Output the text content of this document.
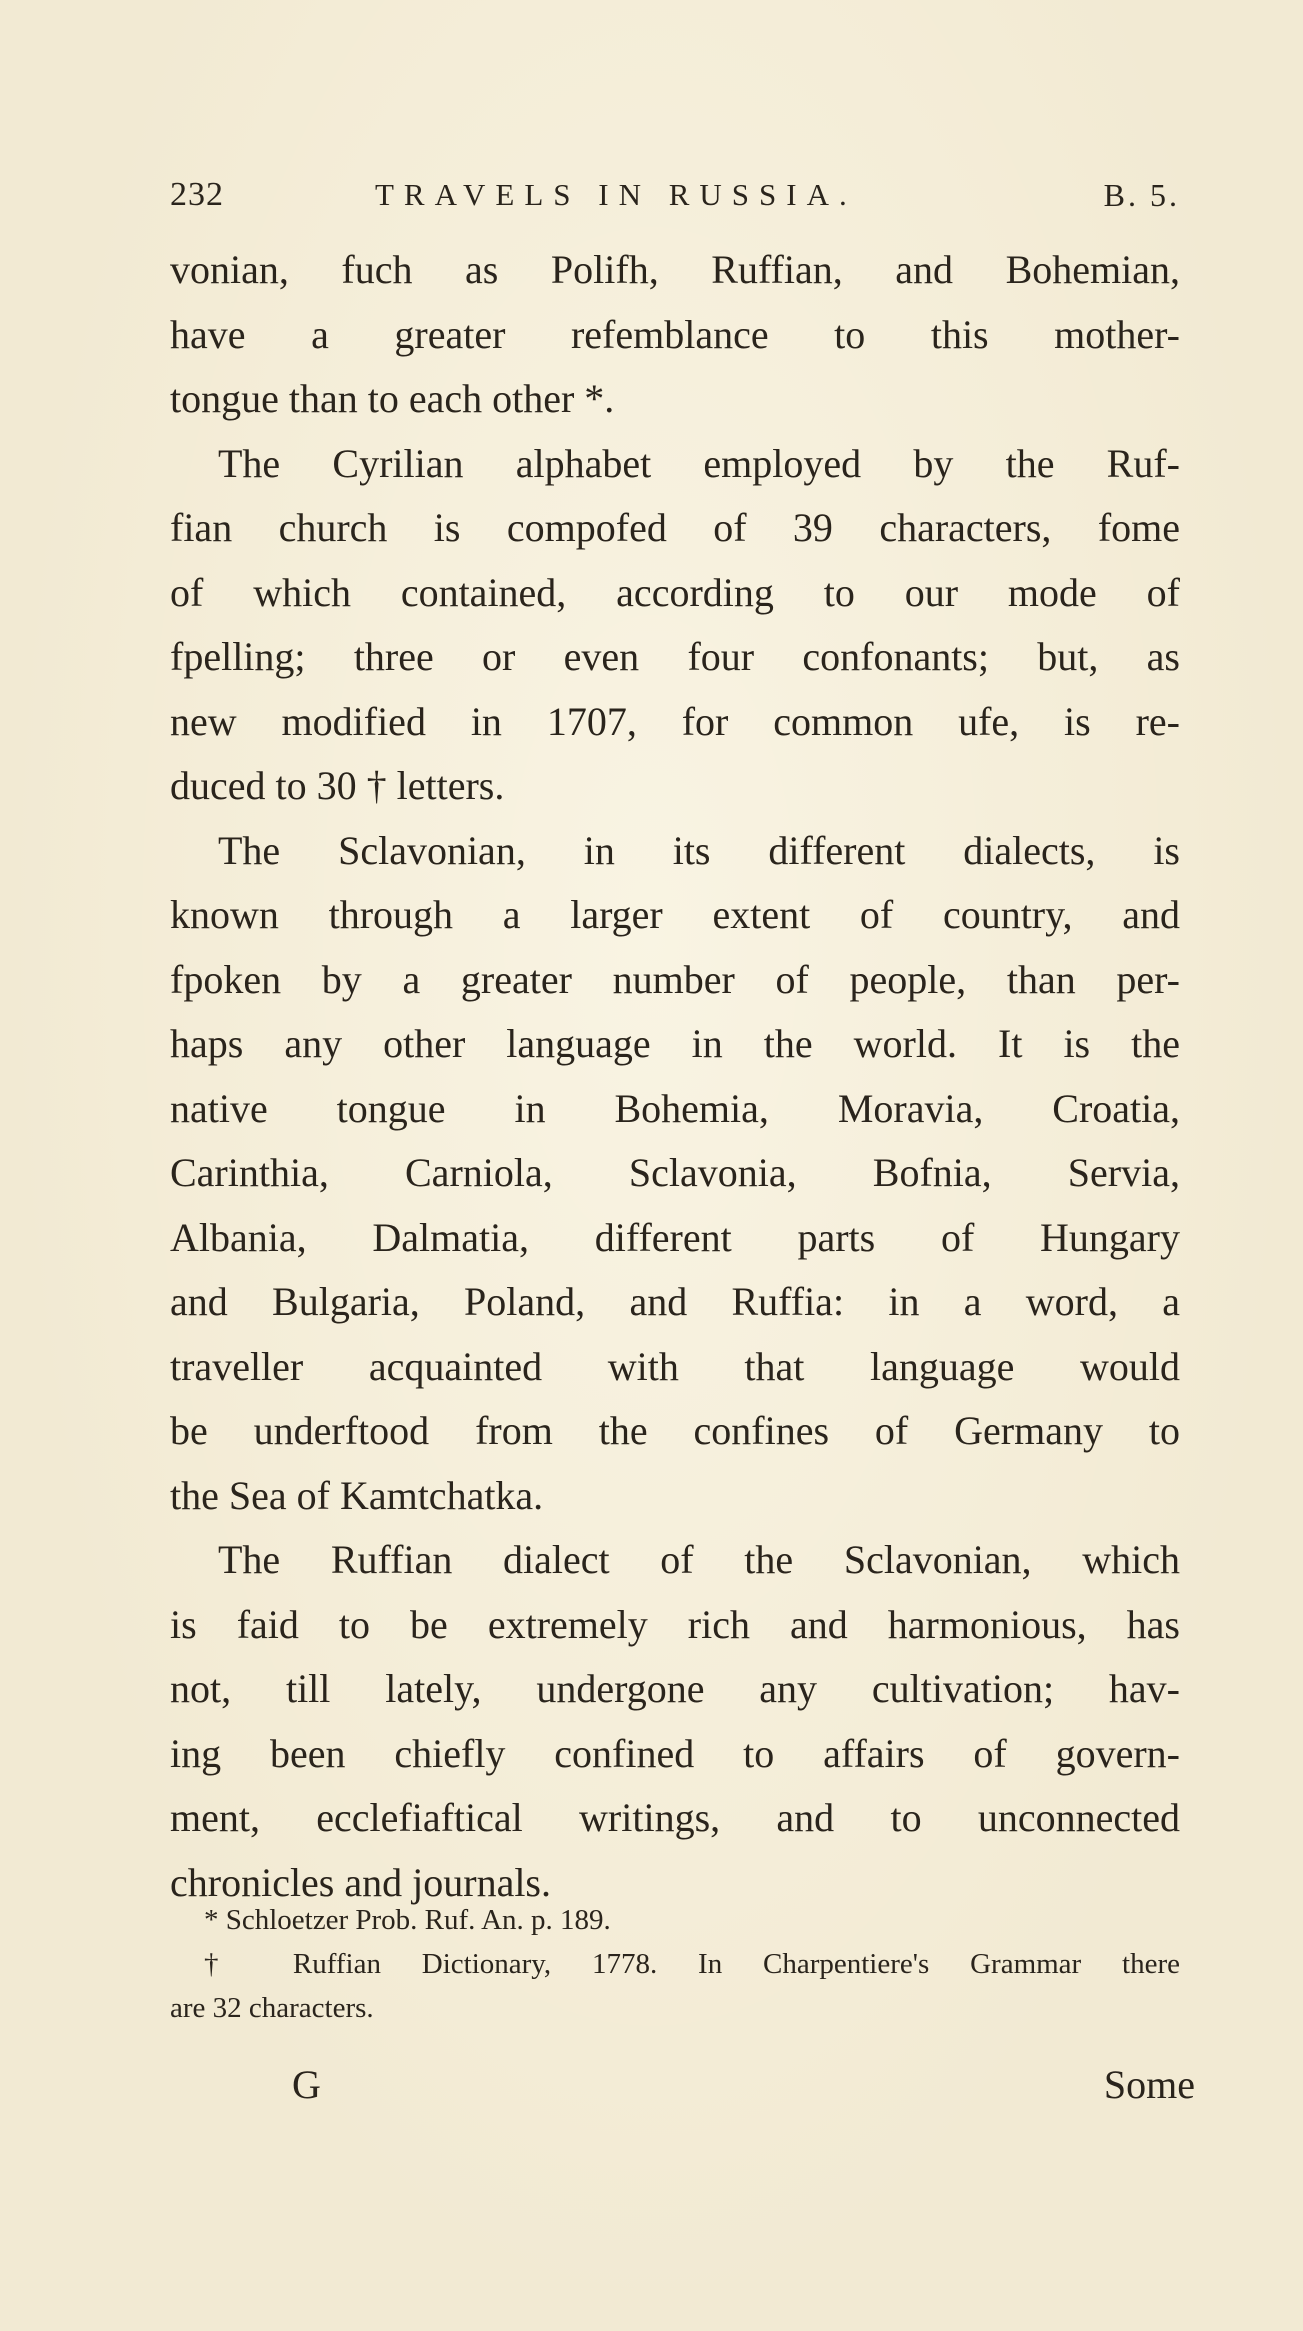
232	TRAVELS IN RUSSIA.	B. 5.
vonian, fuch as Polifh, Ruffian, and Bohemian,
have a greater refemblance to this mother-
tongue than to each other *.
The Cyrilian alphabet employed by the Ruf-
fian church is compofed of 39 characters, fome
of which contained, according to our mode of
fpelling; three or even four confonants; but, as
new modified in 1707, for common ufe, is re-
duced to 30 † letters.
The Sclavonian, in its different dialects, is
known through a larger extent of country, and
fpoken by a greater number of people, than per-
haps any other language in the world. It is the
native tongue in Bohemia, Moravia, Croatia,
Carinthia, Carniola, Sclavonia, Bofnia, Servia,
Albania, Dalmatia, different parts of Hungary
and Bulgaria, Poland, and Ruffia: in a word, a
traveller acquainted with that language would
be underftood from the confines of Germany to
the Sea of Kamtchatka.
The Ruffian dialect of the Sclavonian, which
is faid to be extremely rich and harmonious, has
not, till lately, undergone any cultivation; hav-
ing been chiefly confined to affairs of govern-
ment, ecclefiaftical writings, and to unconnected
chronicles and journals.
* Schloetzer Prob. Ruf. An. p. 189.
† Ruffian Dictionary, 1778. In Charpentiere's Grammar there
are 32 characters.
G	Some
